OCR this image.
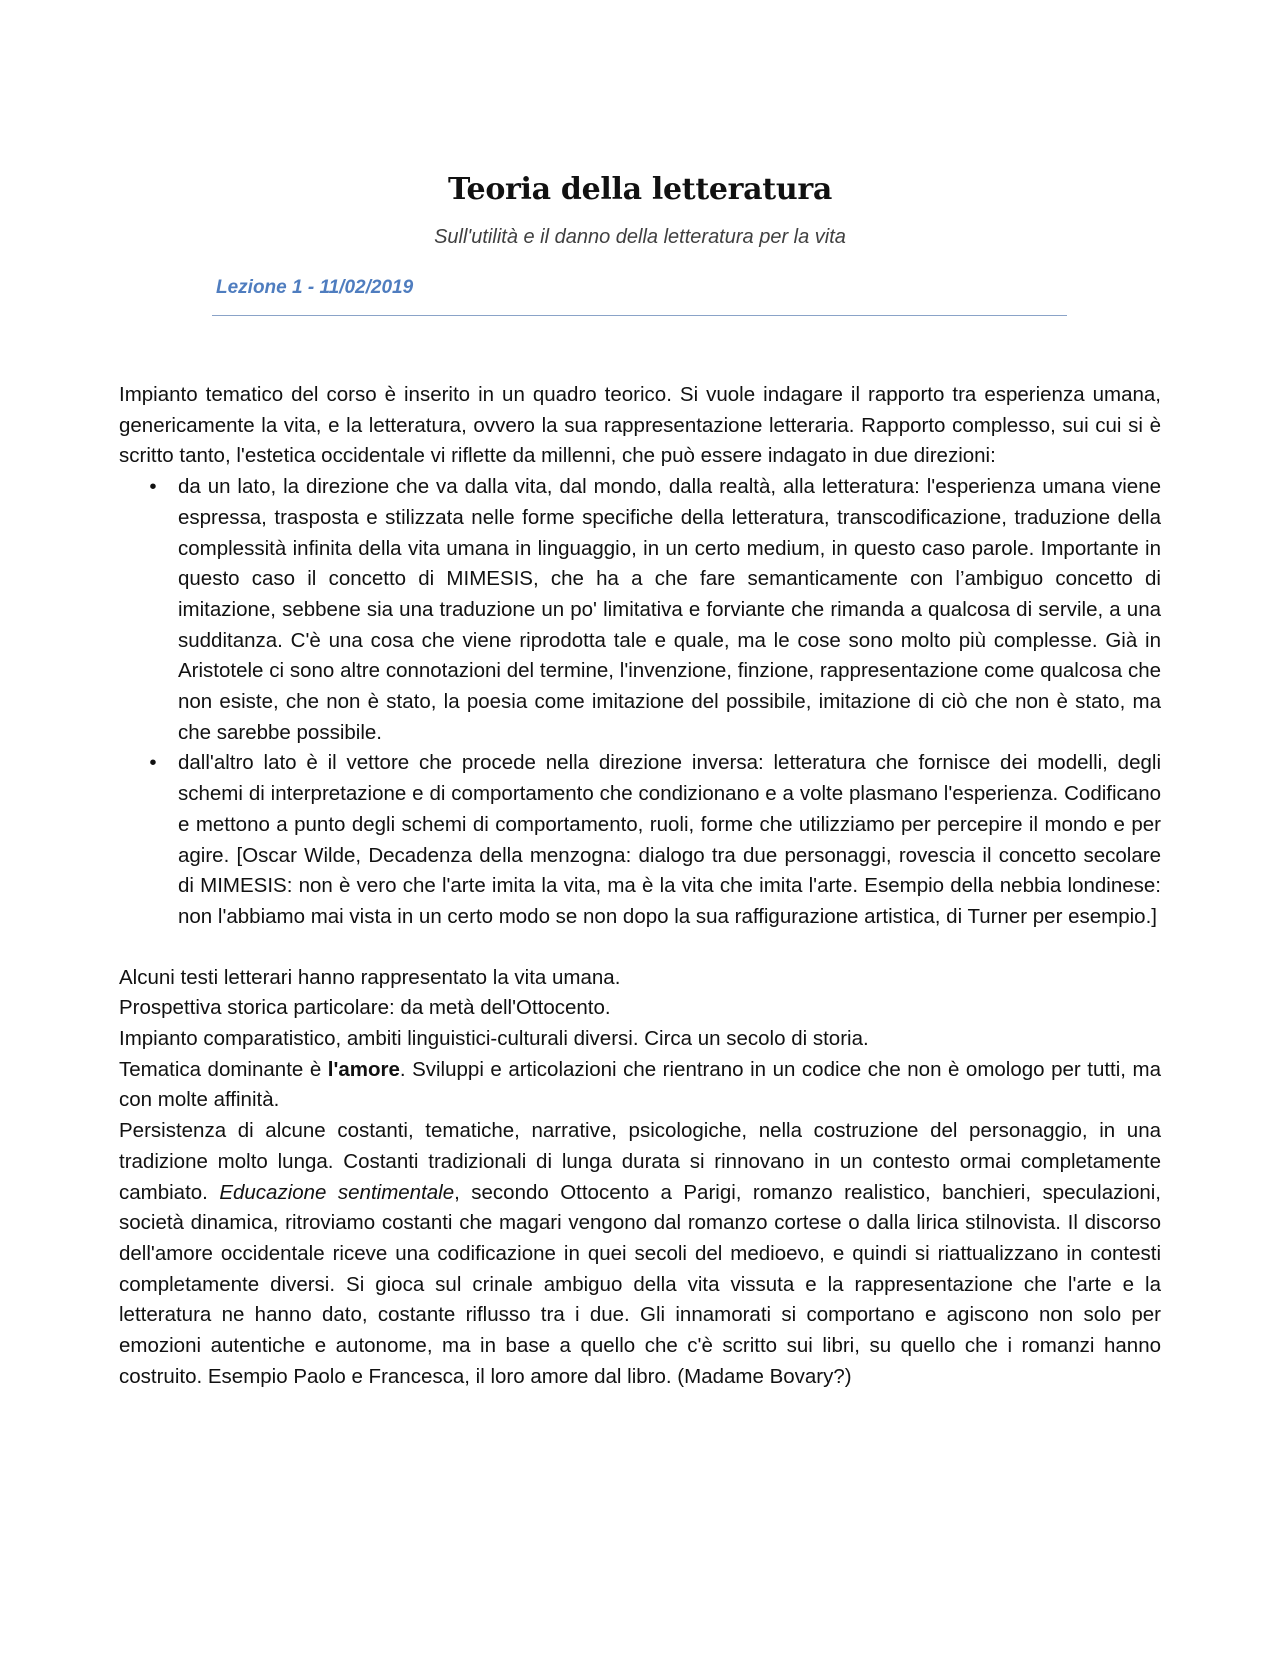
Teoria della letteratura

Sull'utilità e il danno della letteratura per la vita

Lezione 1 - 11/02/2019

Impianto tematico del corso è inserito in un quadro teorico. Si vuole indagare il rapporto tra esperienza umana, genericamente la vita, e la letteratura, ovvero la sua rappresentazione letteraria. Rapporto complesso, sui cui si è scritto tanto, l'estetica occidentale vi riflette da millenni, che può essere indagato in due direzioni:

•	da un lato, la direzione che va dalla vita, dal mondo, dalla realtà, alla letteratura: l'esperienza umana viene espressa, trasposta e stilizzata nelle forme specifiche della letteratura, transcodificazione, traduzione della complessità infinita della vita umana in linguaggio, in un certo medium, in questo caso parole. Importante in questo caso il concetto di MIMESIS, che ha a che fare semanticamente con l’ambiguo concetto di imitazione, sebbene sia una traduzione un po' limitativa e forviante che rimanda a qualcosa di servile, a una sudditanza. C'è una cosa che viene riprodotta tale e quale, ma le cose sono molto più complesse. Già in Aristotele ci sono altre connotazioni del termine, l'invenzione, finzione, rappresentazione come qualcosa che non esiste, che non è stato, la poesia come imitazione del possibile, imitazione di ciò che non è stato, ma che sarebbe possibile.
•	dall'altro lato è il vettore che procede nella direzione inversa: letteratura che fornisce dei modelli, degli schemi di interpretazione e di comportamento che condizionano e a volte plasmano l'esperienza. Codificano e mettono a punto degli schemi di comportamento, ruoli, forme che utilizziamo per percepire il mondo e per agire. [Oscar Wilde, Decadenza della menzogna: dialogo tra due personaggi, rovescia il concetto secolare di MIMESIS: non è vero che l'arte imita la vita, ma è la vita che imita l'arte. Esempio della nebbia londinese: non l'abbiamo mai vista in un certo modo se non dopo la sua raffigurazione artistica, di Turner per esempio.]

Alcuni testi letterari hanno rappresentato la vita umana.

Prospettiva storica particolare: da metà dell'Ottocento.

Impianto comparatistico, ambiti linguistici-culturali diversi. Circa un secolo di storia.

Tematica dominante è l'amore. Sviluppi e articolazioni che rientrano in un codice che non è omologo per tutti, ma con molte affinità.

Persistenza di alcune costanti, tematiche, narrative, psicologiche, nella costruzione del personaggio, in una tradizione molto lunga. Costanti tradizionali di lunga durata si rinnovano in un contesto ormai completamente cambiato. Educazione sentimentale, secondo Ottocento a Parigi, romanzo realistico, banchieri, speculazioni, società dinamica, ritroviamo costanti che magari vengono dal romanzo cortese o dalla lirica stilnovista. Il discorso dell'amore occidentale riceve una codificazione in quei secoli del medioevo, e quindi si riattualizzano in contesti completamente diversi. Si gioca sul crinale ambiguo della vita vissuta e la rappresentazione che l'arte e la letteratura ne hanno dato, costante riflusso tra i due. Gli innamorati si comportano e agiscono non solo per emozioni autentiche e autonome, ma in base a quello che c'è scritto sui libri, su quello che i romanzi hanno costruito. Esempio Paolo e Francesca, il loro amore dal libro. (Madame Bovary?)
